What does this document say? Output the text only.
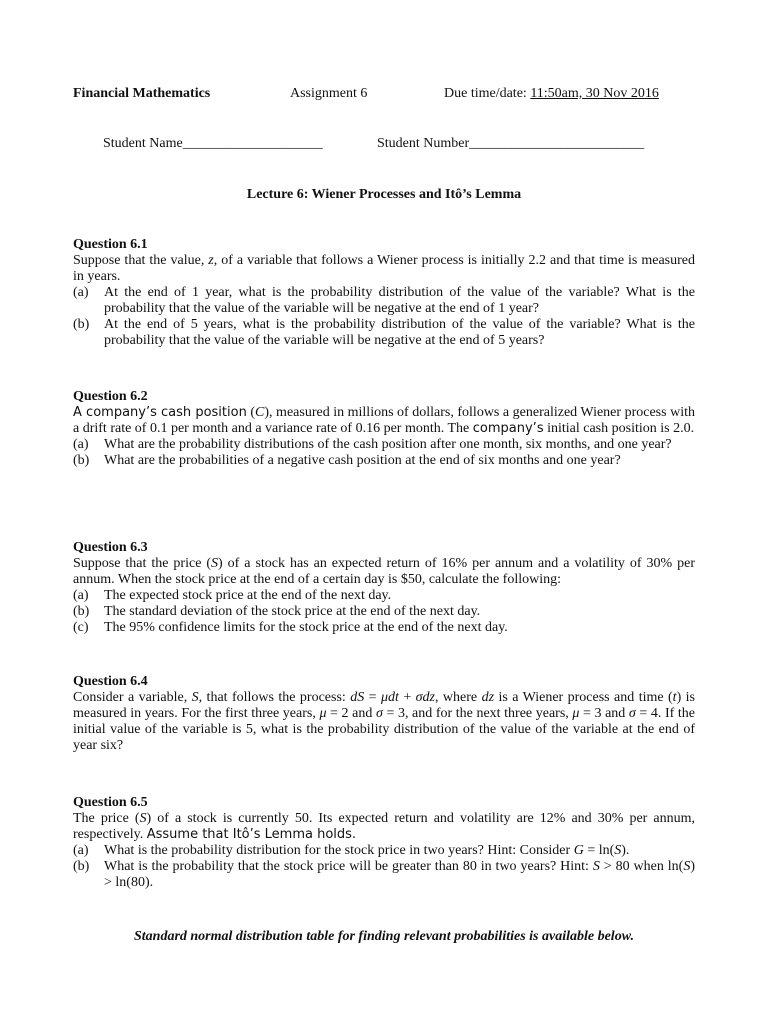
Financial Mathematics	Assignment 6	Due time/date: 11:50am, 30 Nov 2016
Student Name____________________	Student Number_________________________
Lecture 6: Wiener Processes and Itô’s Lemma
Question 6.1

Suppose that the value, z, of a variable that follows a Wiener process is initially 2.2 and that time is measured in years.

(a)	At the end of 1 year, what is the probability distribution of the value of the variable? What is the probability that the value of the variable will be negative at the end of 1 year?
(b)	At the end of 5 years, what is the probability distribution of the value of the variable? What is the probability that the value of the variable will be negative at the end of 5 years?
Question 6.2

A company’s cash position (C), measured in millions of dollars, follows a generalized Wiener process with a drift rate of 0.1 per month and a variance rate of 0.16 per month. The company’s initial cash position is 2.0.

(a)	What are the probability distributions of the cash position after one month, six months, and one year?
(b)	What are the probabilities of a negative cash position at the end of six months and one year?
Question 6.3

Suppose that the price (S) of a stock has an expected return of 16% per annum and a volatility of 30% per annum. When the stock price at the end of a certain day is $50, calculate the following:

(a)	The expected stock price at the end of the next day.
(b)	The standard deviation of the stock price at the end of the next day.
(c)	The 95% confidence limits for the stock price at the end of the next day.
Question 6.4

Consider a variable, S, that follows the process: dS = μdt + σdz, where dz is a Wiener process and time (t) is measured in years. For the first three years, μ = 2 and σ = 3, and for the next three years, μ = 3 and σ = 4. If the initial value of the variable is 5, what is the probability distribution of the value of the variable at the end of year six?

Question 6.5

The price (S) of a stock is currently 50. Its expected return and volatility are 12% and 30% per annum, respectively. Assume that Itô’s Lemma holds.

(a)	What is the probability distribution for the stock price in two years? Hint: Consider G = ln(S).
(b)	What is the probability that the stock price will be greater than 80 in two years? Hint: S > 80 when ln(S) > ln(80).
Standard normal distribution table for finding relevant probabilities is available below.
